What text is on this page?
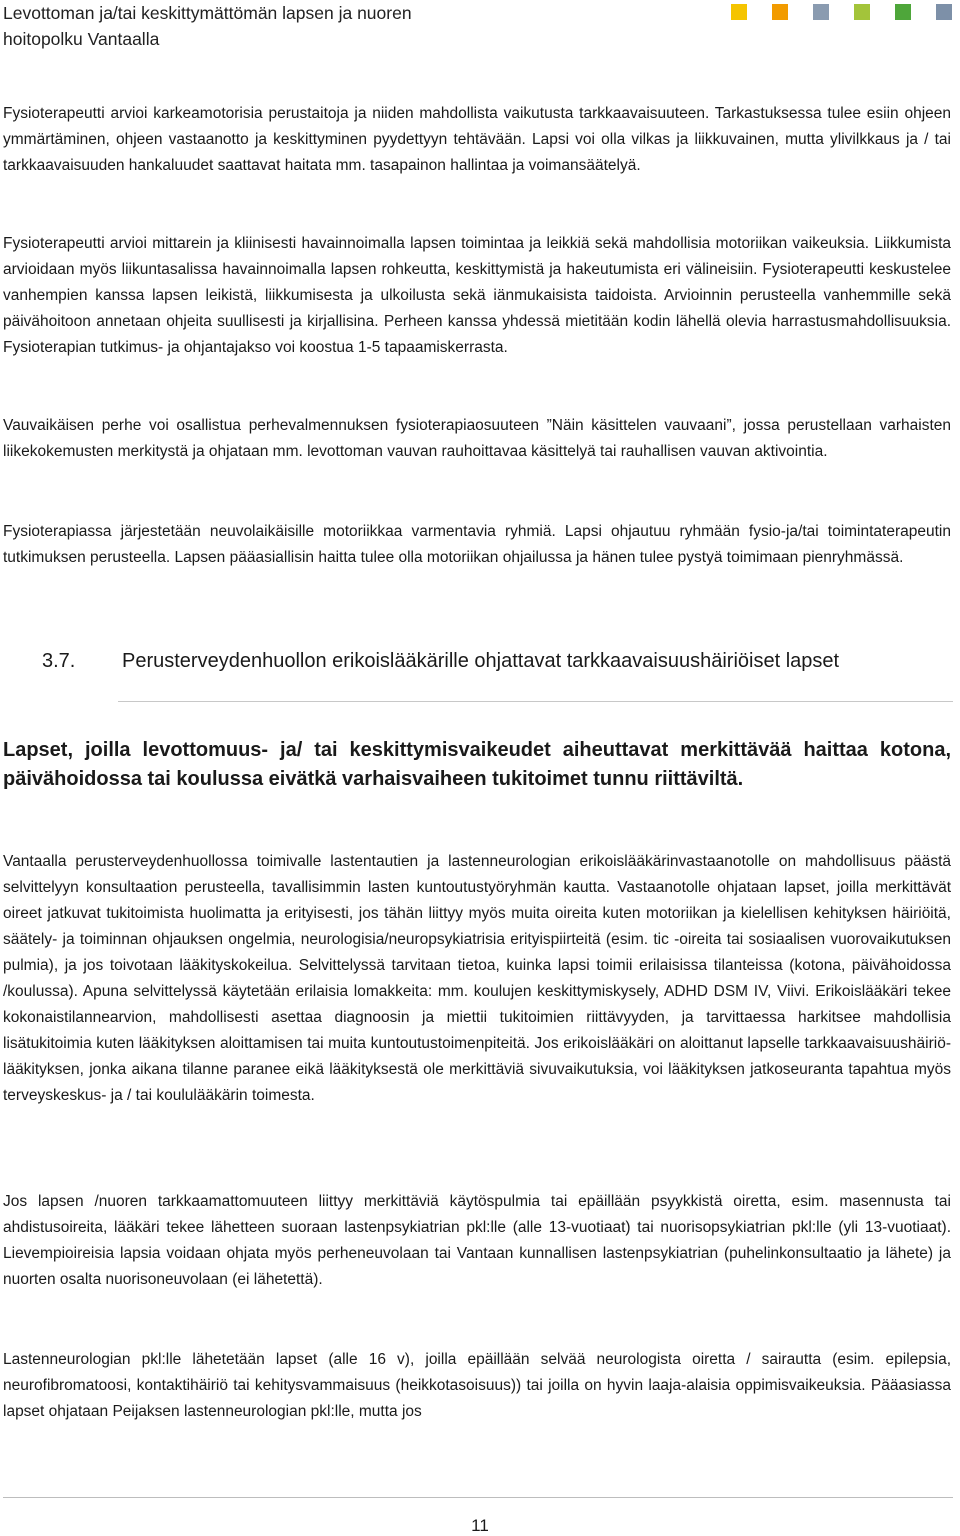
Levottoman ja/tai keskittymättömän lapsen ja nuoren
hoitopolku Vantaalla

Fysioterapeutti arvioi karkeamotorisia perustaitoja ja niiden mahdollista vaikutusta tarkkaavaisuuteen. Tarkastuksessa tulee esiin ohjeen ymmärtäminen, ohjeen vastaanotto ja keskittyminen pyydettyyn tehtävään. Lapsi voi olla vilkas ja liikkuvainen, mutta ylivilkkaus ja / tai tarkkaavaisuuden hankaluudet saattavat haitata mm. tasapainon hallintaa ja voimansäätelyä.

Fysioterapeutti arvioi mittarein ja kliinisesti havainnoimalla lapsen toimintaa ja leikkiä sekä mahdollisia motoriikan vaikeuksia. Liikkumista arvioidaan myös liikuntasalissa havainnoimalla lapsen rohkeutta, keskittymistä ja hakeutumista eri välineisiin. Fysioterapeutti keskustelee vanhempien kanssa lapsen leikistä, liikkumisesta ja ulkoilusta sekä iänmukaisista taidoista. Arvioinnin perusteella vanhemmille sekä päivähoitoon annetaan ohjeita suullisesti ja kirjallisina. Perheen kanssa yhdessä mietitään kodin lähellä olevia harrastusmahdollisuuksia. Fysioterapian tutkimus- ja ohjantajakso voi koostua 1-5 tapaamiskerrasta.

Vauvaikäisen perhe voi osallistua perhevalmennuksen fysioterapiaosuuteen ”Näin käsittelen vauvaani”, jossa perustellaan varhaisten liikekokemusten merkitystä ja ohjataan mm. levottoman vauvan rauhoittavaa käsittelyä tai rauhallisen vauvan aktivointia.

Fysioterapiassa järjestetään neuvolaikäisille motoriikkaa varmentavia ryhmiä. Lapsi ohjautuu ryhmään fysio-ja/tai toimintaterapeutin tutkimuksen perusteella. Lapsen pääasiallisin haitta tulee olla motoriikan ohjailussa ja hänen tulee pystyä toimimaan pienryhmässä.

3.7. Perusterveydenhuollon erikoislääkärille ohjattavat tarkkaavaisuushäiriöiset lapset

Lapset, joilla levottomuus- ja/ tai keskittymisvaikeudet aiheuttavat merkittävää haittaa kotona, päivähoidossa tai koulussa eivätkä varhaisvaiheen tukitoimet tunnu riittäviltä.

Vantaalla perusterveydenhuollossa toimivalle lastentautien ja lastenneurologian erikoislääkärinvastaanotolle on mahdollisuus päästä selvittelyyn konsultaation perusteella, tavallisimmin lasten kuntoutustyöryhmän kautta. Vastaanotolle ohjataan lapset, joilla merkittävät oireet jatkuvat tukitoimista huolimatta ja erityisesti, jos tähän liittyy myös muita oireita kuten motoriikan ja kielellisen kehityksen häiriöitä, säätely- ja toiminnan ohjauksen ongelmia, neurologisia/neuropsykiatrisia erityispiirteitä (esim. tic -oireita tai sosiaalisen vuorovaikutuksen pulmia), ja jos toivotaan lääkityskokeilua. Selvittelyssä tarvitaan tietoa, kuinka lapsi toimii erilaisissa tilanteissa (kotona, päivähoidossa /koulussa). Apuna selvittelyssä käytetään erilaisia lomakkeita: mm. koulujen keskittymiskysely, ADHD DSM IV, Viivi. Erikoislääkäri tekee kokonaistilannearvion, mahdollisesti asettaa diagnoosin ja miettii tukitoimien riittävyyden, ja tarvittaessa harkitsee mahdollisia lisätukitoimia kuten lääkityksen aloittamisen tai muita kuntoutustoimenpiteitä. Jos erikoislääkäri on aloittanut lapselle tarkkaavaisuushäiriö-lääkityksen, jonka aikana tilanne paranee eikä lääkityksestä ole merkittäviä sivuvaikutuksia, voi lääkityksen jatkoseuranta tapahtua myös terveyskeskus- ja / tai koululääkärin toimesta.

Jos lapsen /nuoren tarkkaamattomuuteen liittyy merkittäviä käytöspulmia tai epäillään psyykkistä oiretta, esim. masennusta tai ahdistusoireita, lääkäri tekee lähetteen suoraan lastenpsykiatrian pkl:lle (alle 13-vuotiaat) tai nuorisopsykiatrian pkl:lle (yli 13-vuotiaat). Lievempioireisia lapsia voidaan ohjata myös perheneuvolaan tai Vantaan kunnallisen lastenpsykiatrian (puhelinkonsultaatio ja lähete) ja nuorten osalta nuorisoneuvolaan (ei lähetettä).

Lastenneurologian pkl:lle lähetetään lapset (alle 16 v), joilla epäillään selvää neurologista oiretta / sairautta (esim. epilepsia, neurofibromatoosi, kontaktihäiriö tai kehitysvammaisuus (heikkotasoisuus)) tai joilla on hyvin laaja-alaisia oppimisvaikeuksia. Pääasiassa lapset ohjataan Peijaksen lastenneurologian pkl:lle, mutta jos

11
